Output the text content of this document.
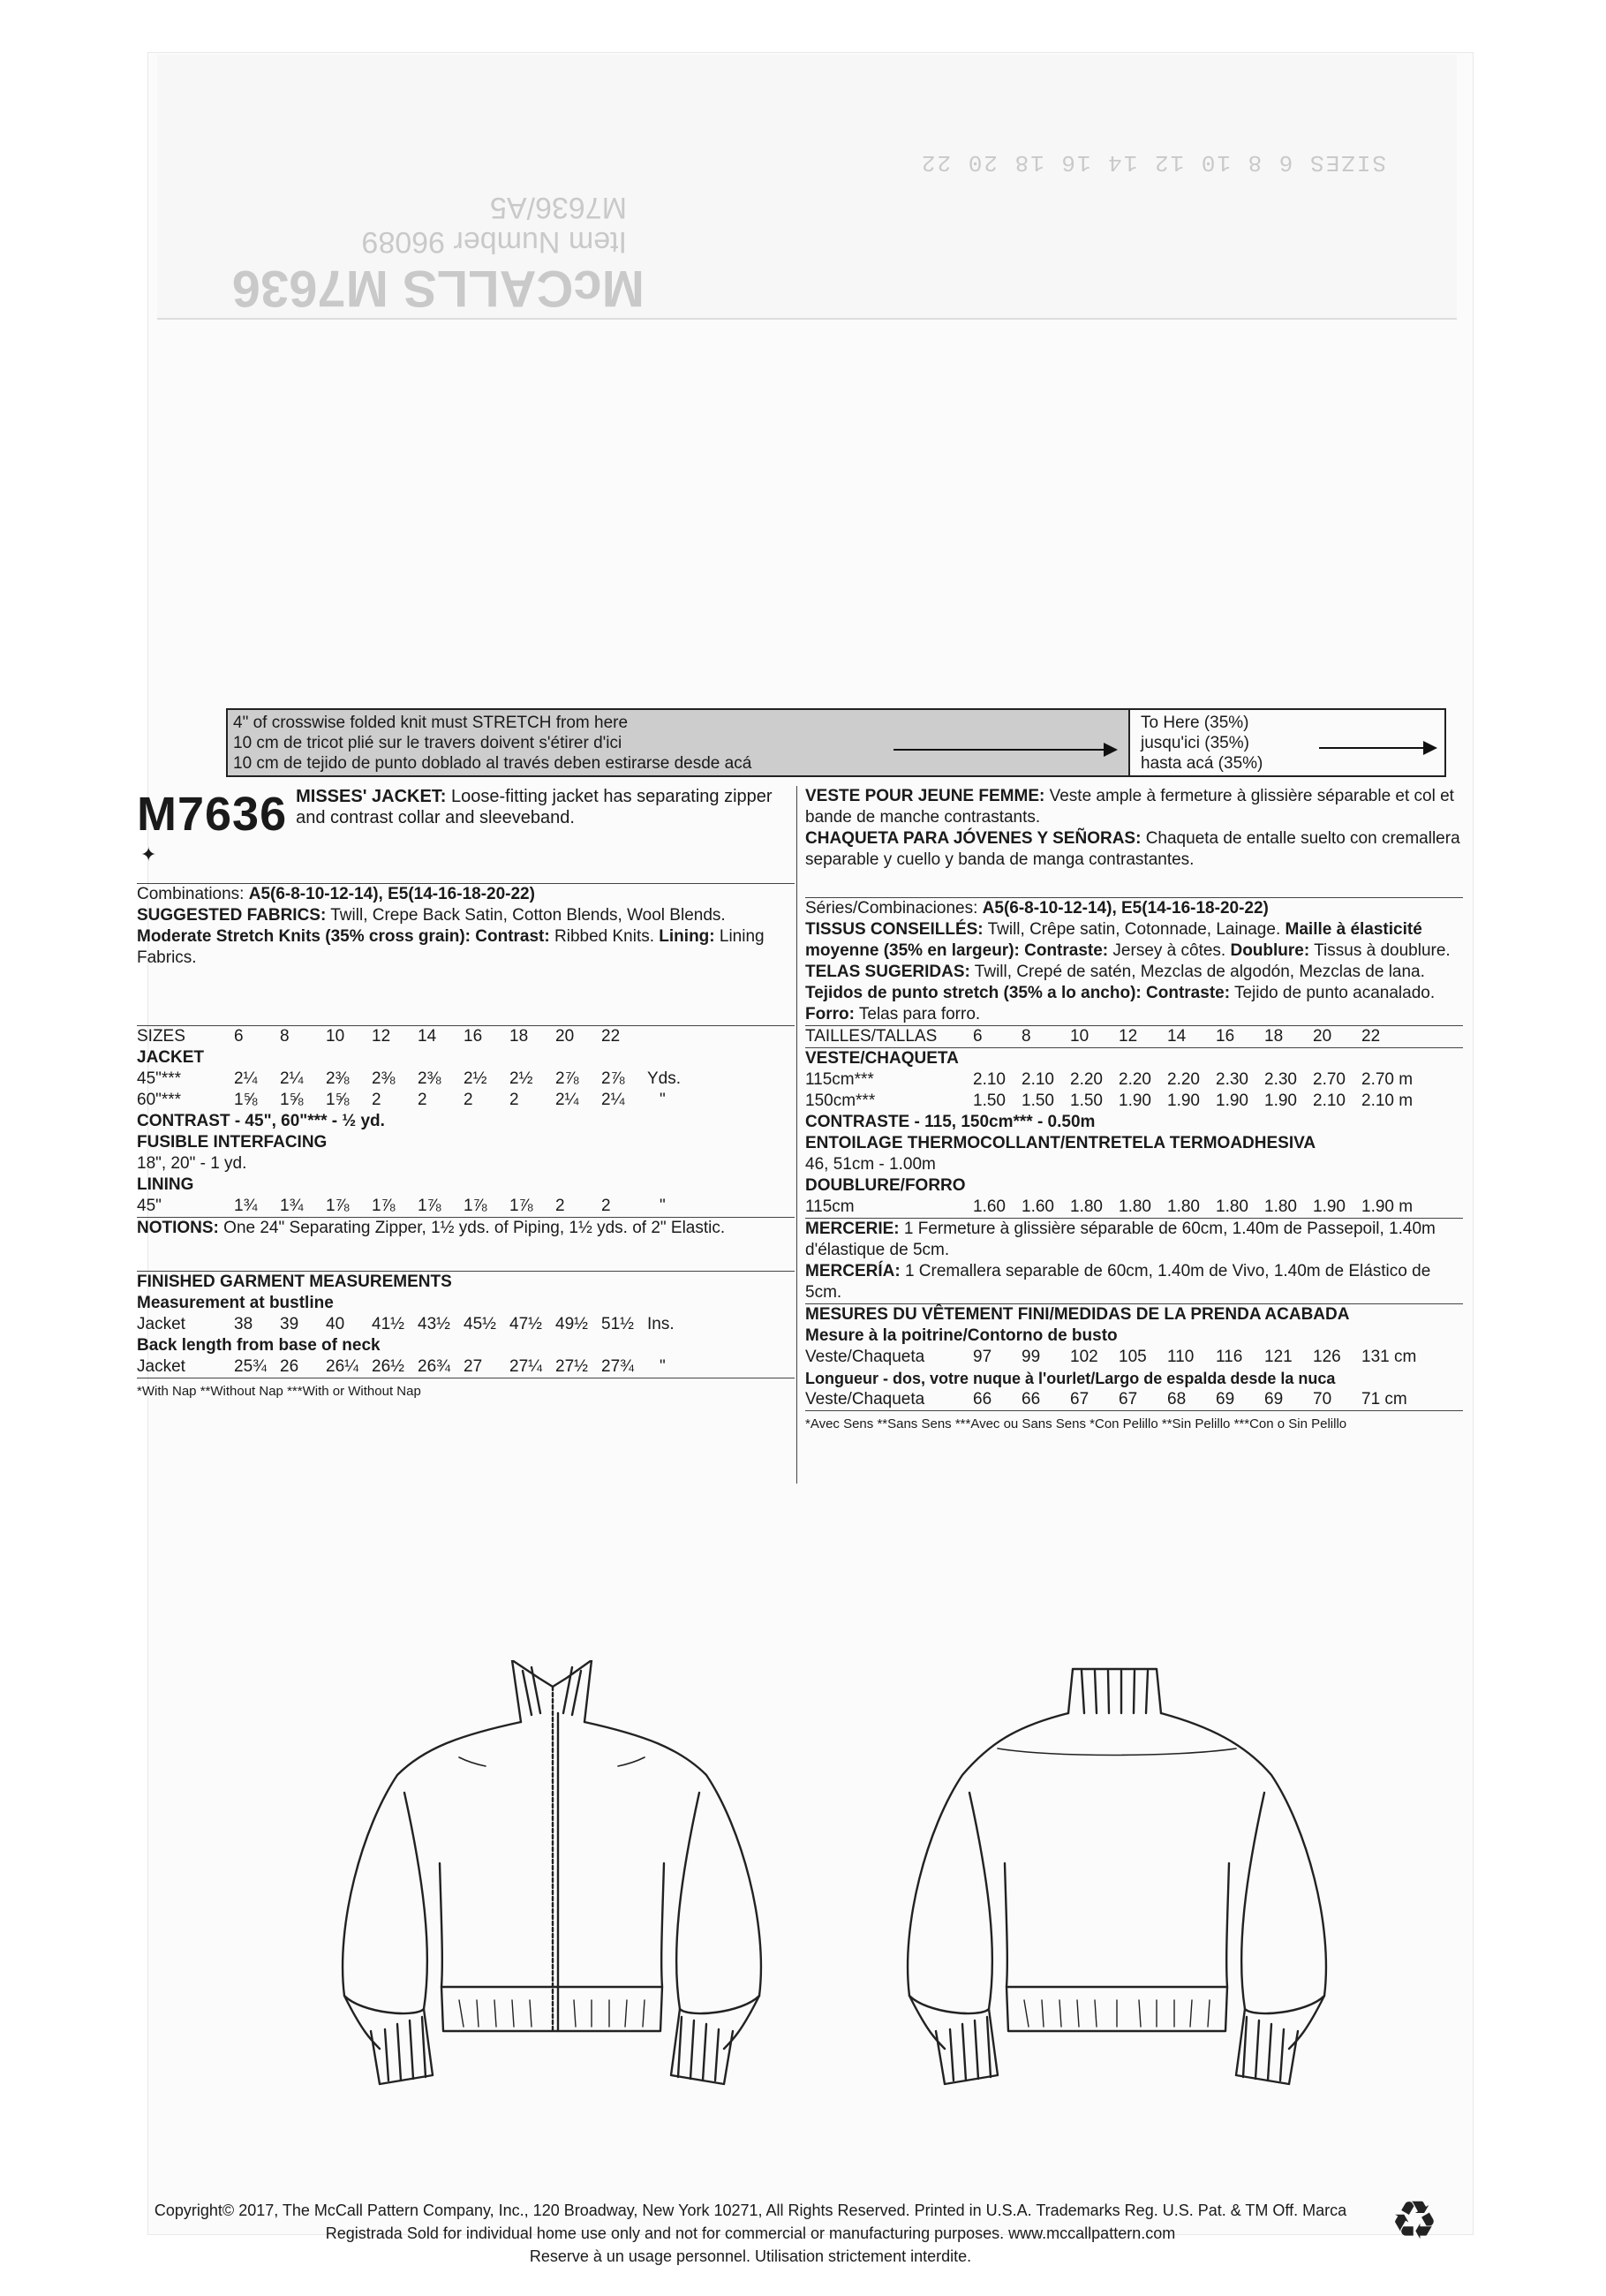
McCALLS M7636
Item Number 96089
M7636/A5
SIZES 6 8 10 12 14 16 18 20 22
4" of crosswise folded knit must STRETCH from here
10 cm de tricot plié sur le travers doivent s'étirer d'ici
10 cm de tejido de punto doblado al través deben estirarse desde acá
To Here (35%)
jusqu'ici (35%)
hasta acá (35%)
M7636 MISSES' JACKET: Loose-fitting jacket has separating zipper and contrast collar and sleeveband.
✦
Combinations: A5(6-8-10-12-14), E5(14-16-18-20-22)
SUGGESTED FABRICS: Twill, Crepe Back Satin, Cotton Blends, Wool Blends. Moderate Stretch Knits (35% cross grain): Contrast: Ribbed Knits. Lining: Lining Fabrics.
SIZES	6	8	10	12	14	16	18	20	22
JACKET
45"***	2¼	2¼	2⅜	2⅜	2⅜	2½	2½	2⅞	2⅞	Yds.
60"***	1⅝	1⅝	1⅝	2	2	2	2	2¼	2¼	"
CONTRAST - 45", 60"*** - ½ yd.
FUSIBLE INTERFACING
18", 20" - 1 yd.
LINING
45"	1¾	1¾	1⅞	1⅞	1⅞	1⅞	1⅞	2	2	"
NOTIONS: One 24" Separating Zipper, 1½ yds. of Piping, 1½ yds. of 2" Elastic.
FINISHED GARMENT MEASUREMENTS
Measurement at bustline
Jacket	38	39	40	41½ 43½ 45½ 47½ 49½ 51½ Ins.
Back length from base of neck
Jacket	25¾ 26	26¼ 26½ 26¾ 27	27¼ 27½ 27¾	"
*With Nap **Without Nap ***With or Without Nap
VESTE POUR JEUNE FEMME: Veste ample à fermeture à glissière séparable et col et bande de manche contrastants.
CHAQUETA PARA JÓVENES Y SEÑORAS: Chaqueta de entalle suelto con cremallera separable y cuello y banda de manga contrastantes.
Séries/Combinaciones: A5(6-8-10-12-14), E5(14-16-18-20-22)
TISSUS CONSEILLÉS: Twill, Crêpe satin, Cotonnade, Lainage. Maille à élasticité moyenne (35% en largeur): Contraste: Jersey à côtes. Doublure: Tissus à doublure.
TELAS SUGERIDAS: Twill, Crepé de satén, Mezclas de algodón, Mezclas de lana. Tejidos de punto stretch (35% a lo ancho): Contraste: Tejido de punto acanalado. Forro: Telas para forro.
TAILLES/TALLAS	6	8	10	12	14	16	18	20	22
VESTE/CHAQUETA
115cm***	2.10 2.10 2.20 2.20 2.20 2.30 2.30 2.70 2.70 m
150cm***	1.50 1.50 1.50 1.90 1.90 1.90 1.90 2.10 2.10 m
CONTRASTE - 115, 150cm*** - 0.50m
ENTOILAGE THERMOCOLLANT/ENTRETELA TERMOADHESIVA
46, 51cm - 1.00m
DOUBLURE/FORRO
115cm	1.60 1.60 1.80 1.80 1.80 1.80 1.80 1.90 1.90 m
MERCERIE: 1 Fermeture à glissière séparable de 60cm, 1.40m de Passepoil, 1.40m d'élastique de 5cm.
MERCERÍA: 1 Cremallera separable de 60cm, 1.40m de Vivo, 1.40m de Elástico de 5cm.
MESURES DU VÊTEMENT FINI/MEDIDAS DE LA PRENDA ACABADA
Mesure à la poitrine/Contorno de busto
Veste/Chaqueta	97	99	102	105	110	116	121	126	131 cm
Longueur - dos, votre nuque à l'ourlet/Largo de espalda desde la nuca
Veste/Chaqueta	66	66	67	67	68	69	69	70	71 cm
*Avec Sens **Sans Sens ***Avec ou Sans Sens *Con Pelillo **Sin Pelillo ***Con o Sin Pelillo
Copyright© 2017, The McCall Pattern Company, Inc., 120 Broadway, New York 10271, All Rights Reserved. Printed in U.S.A. Trademarks Reg. U.S. Pat. & TM Off. Marca
Registrada Sold for individual home use only and not for commercial or manufacturing purposes. www.mccallpattern.com
Reserve à un usage personnel. Utilisation strictement interdite.
♻
